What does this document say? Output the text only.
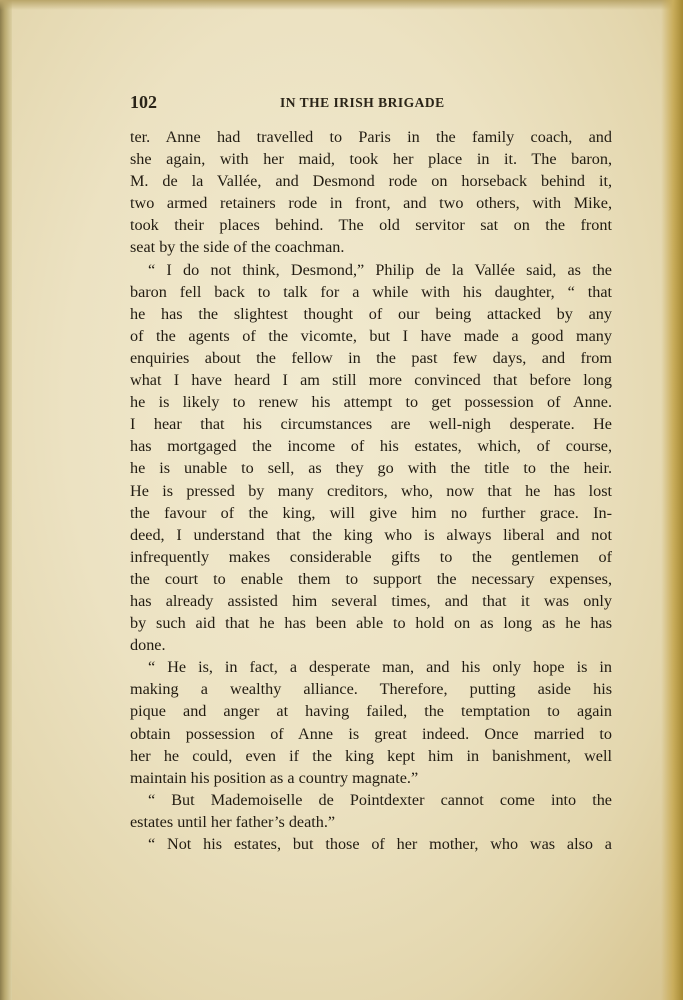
102	IN THE IRISH BRIGADE
ter. Anne had travelled to Paris in the family coach, and
she again, with her maid, took her place in it. The baron,
M. de la Vallée, and Desmond rode on horseback behind it,
two armed retainers rode in front, and two others, with Mike,
took their places behind. The old servitor sat on the front
seat by the side of the coachman.
“ I do not think, Desmond,” Philip de la Vallée said, as the
baron fell back to talk for a while with his daughter, “ that
he has the slightest thought of our being attacked by any
of the agents of the vicomte, but I have made a good many
enquiries about the fellow in the past few days, and from
what I have heard I am still more convinced that before long
he is likely to renew his attempt to get possession of Anne.
I hear that his circumstances are well-nigh desperate. He
has mortgaged the income of his estates, which, of course,
he is unable to sell, as they go with the title to the heir.
He is pressed by many creditors, who, now that he has lost
the favour of the king, will give him no further grace. In-
deed, I understand that the king who is always liberal and not
infrequently makes considerable gifts to the gentlemen of
the court to enable them to support the necessary expenses,
has already assisted him several times, and that it was only
by such aid that he has been able to hold on as long as he has
done.
“ He is, in fact, a desperate man, and his only hope is in
making a wealthy alliance. Therefore, putting aside his
pique and anger at having failed, the temptation to again
obtain possession of Anne is great indeed. Once married to
her he could, even if the king kept him in banishment, well
maintain his position as a country magnate.”
“ But Mademoiselle de Pointdexter cannot come into the
estates until her father’s death.”
“ Not his estates, but those of her mother, who was also a
